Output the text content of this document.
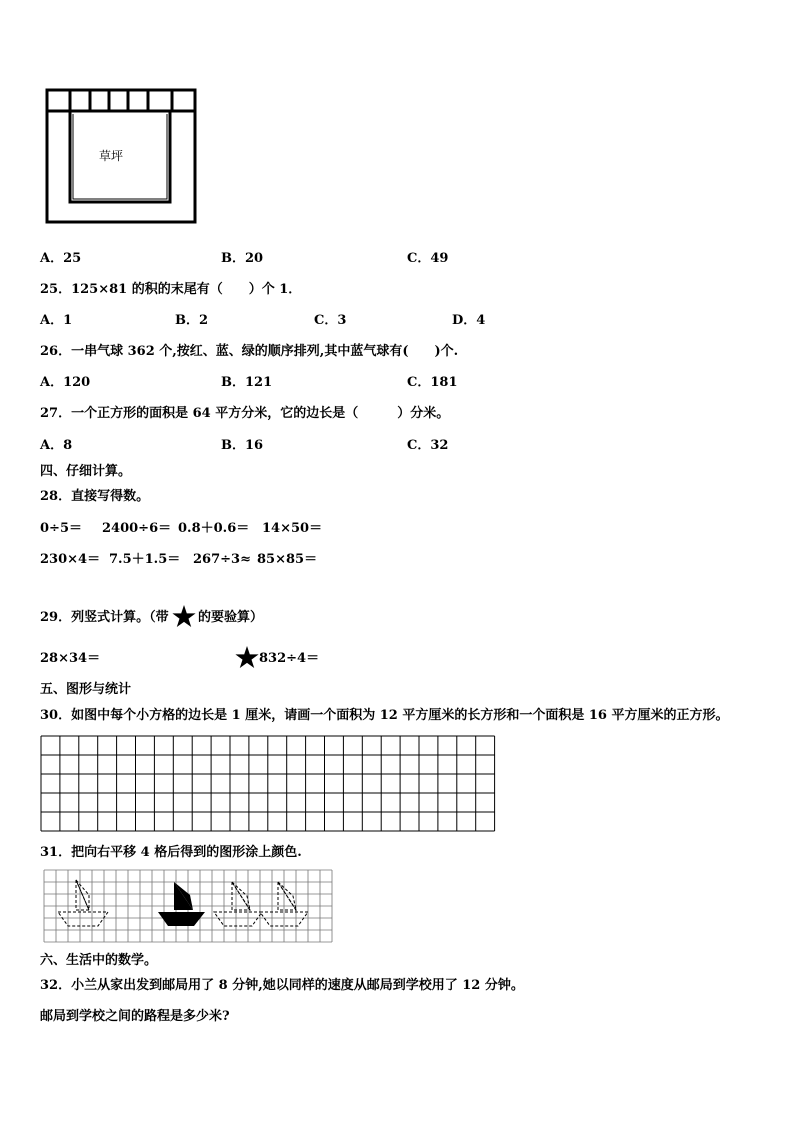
草坪
A．25	B．20	C．49
25．125×81 的积的末尾有（　　）个 1．
A．1	B．2	C．3	D．4
26．一串气球 362 个,按红、蓝、绿的顺序排列,其中蓝气球有(　　)个.
A．120	B．121	C．181
27．一个正方形的面积是 64 平方分米，它的边长是（　　　）分米。
A．8	B．16	C．32
四、仔细计算。
28．直接写得数。
0÷5＝ 2400÷6＝ 0.8＋0.6＝ 14×50＝
230×4＝ 7.5＋1.5＝ 267÷3≈ 85×85＝
29．列竖式计算。（带 的要验算）
28×34＝	832÷4＝
五、图形与统计
30．如图中每个小方格的边长是 1 厘米，请画一个面积为 12 平方厘米的长方形和一个面积是 16 平方厘米的正方形。
31．把向右平移 4 格后得到的图形涂上颜色.
六、生活中的数学。
32．小兰从家出发到邮局用了 8 分钟,她以同样的速度从邮局到学校用了 12 分钟。
邮局到学校之间的路程是多少米?
